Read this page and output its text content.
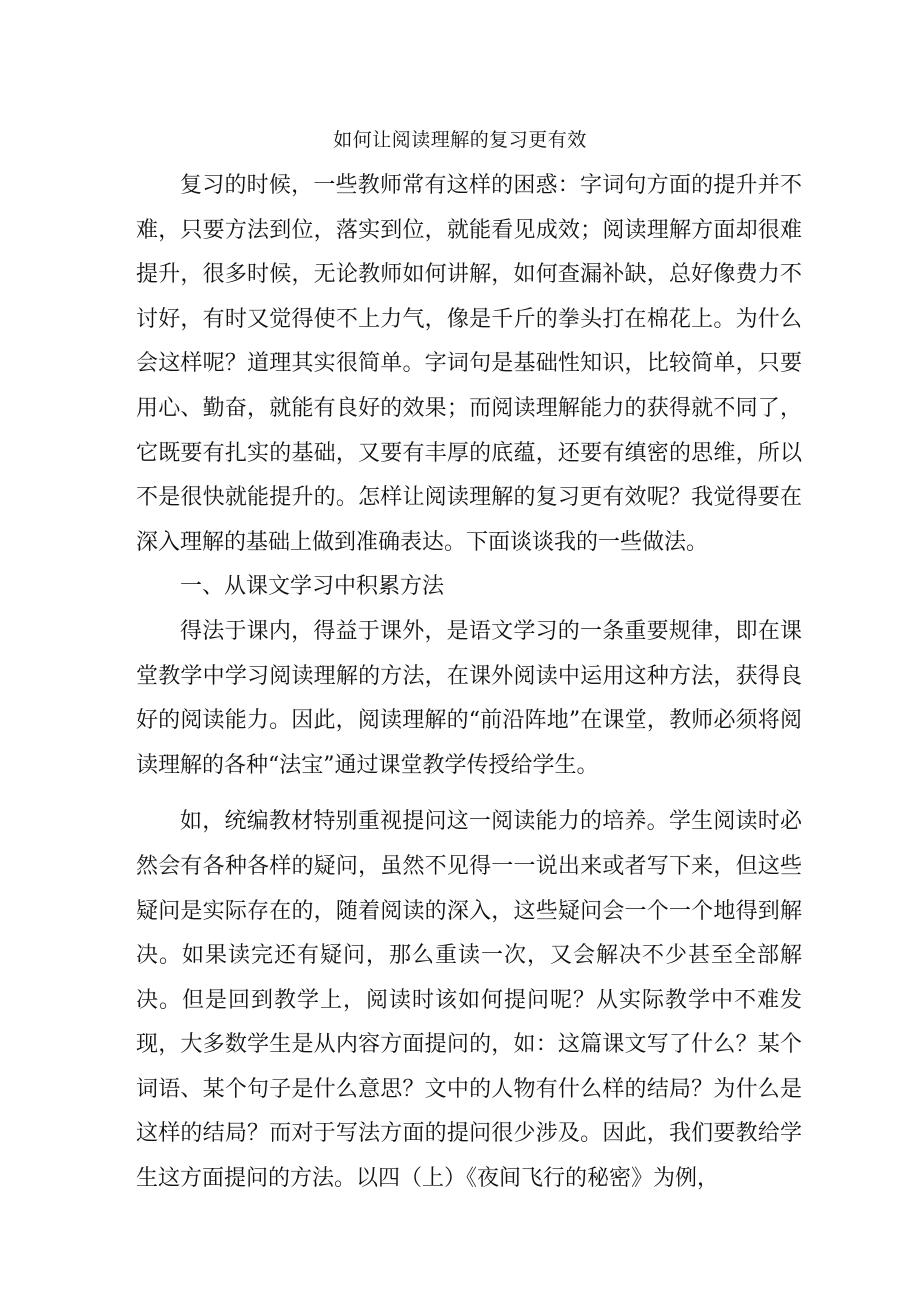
如何让阅读理解的复习更有效

复习的时候，一些教师常有这样的困惑：字词句方面的提升并不难，只要方法到位，落实到位，就能看见成效；阅读理解方面却很难提升，很多时候，无论教师如何讲解，如何查漏补缺，总好像费力不讨好，有时又觉得使不上力气，像是千斤的拳头打在棉花上。为什么会这样呢？道理其实很简单。字词句是基础性知识，比较简单，只要用心、勤奋，就能有良好的效果；而阅读理解能力的获得就不同了，它既要有扎实的基础，又要有丰厚的底蕴，还要有缜密的思维，所以不是很快就能提升的。怎样让阅读理解的复习更有效呢？我觉得要在深入理解的基础上做到准确表达。下面谈谈我的一些做法。

一、从课文学习中积累方法

得法于课内，得益于课外，是语文学习的一条重要规律，即在课堂教学中学习阅读理解的方法，在课外阅读中运用这种方法，获得良好的阅读能力。因此，阅读理解的“前沿阵地”在课堂，教师必须将阅读理解的各种“法宝”通过课堂教学传授给学生。

如，统编教材特别重视提问这一阅读能力的培养。学生阅读时必然会有各种各样的疑问，虽然不见得一一说出来或者写下来，但这些疑问是实际存在的，随着阅读的深入，这些疑问会一个一个地得到解决。如果读完还有疑问，那么重读一次，又会解决不少甚至全部解决。但是回到教学上，阅读时该如何提问呢？从实际教学中不难发现，大多数学生是从内容方面提问的，如：这篇课文写了什么？某个词语、某个句子是什么意思？文中的人物有什么样的结局？为什么是这样的结局？而对于写法方面的提问很少涉及。因此，我们要教给学生这方面提问的方法。以四（上）《夜间飞行的秘密》为例，
